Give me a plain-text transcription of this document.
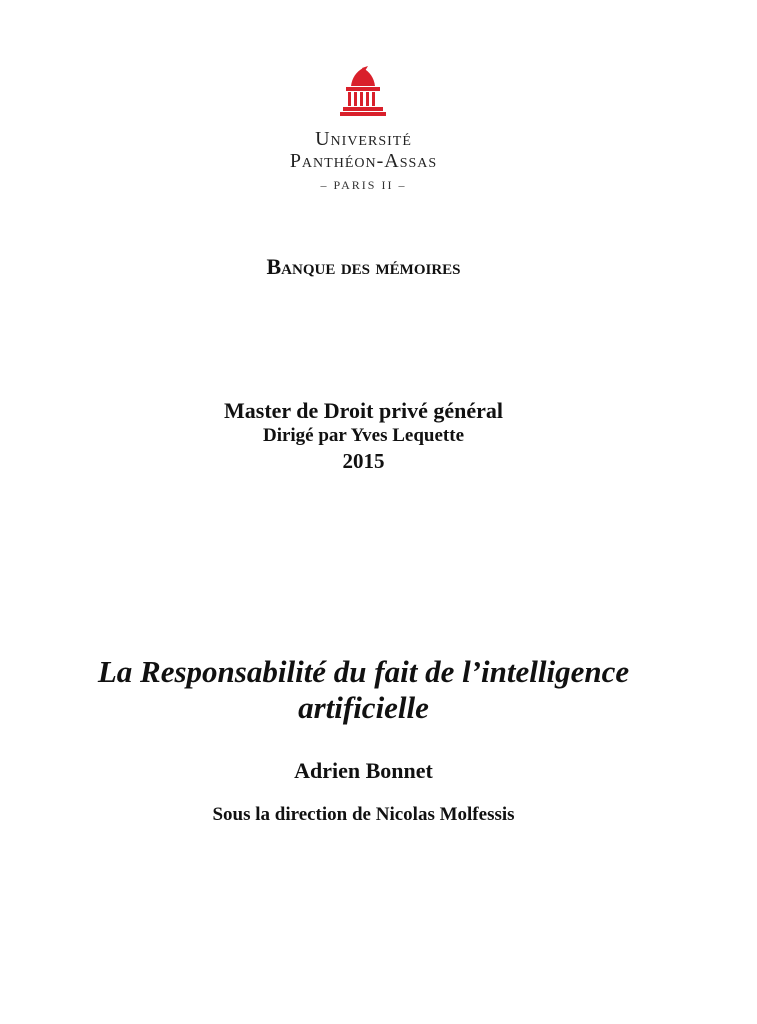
Université
Panthéon-Assas
– PARIS II –
Banque des mémoires
Master de Droit privé général
Dirigé par Yves Lequette
2015
La Responsabilité du fait de l’intelligence artificielle
Adrien Bonnet
Sous la direction de Nicolas Molfessis
